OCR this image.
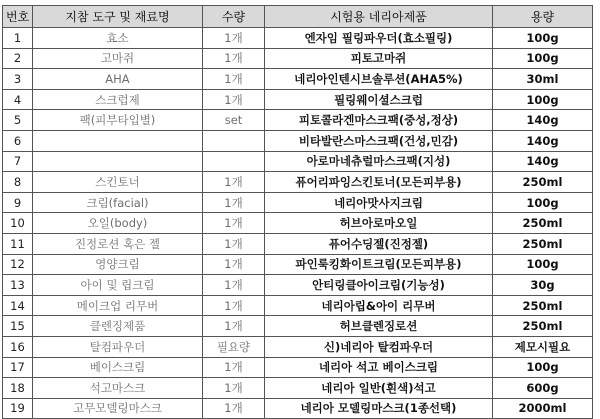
번호	지참 도구 및 재료명	수량	시험용 네리아제품	용량
1	효소	1개	엔자임 필링파우더(효소필링)	100g
2	고마쥐	1개	피토고마쥐	100g
3	AHA	1개	네리아인텐시브솔루션(AHA5%)	30ml
4	스크럽제	1개	필링웨이셜스크럽	100g
5	팩(피부타입별)	set	피토콜라겐마스크팩(중성,정상)	140g
6			비타발란스마스크팩(건성,민감)	140g
7			아로마네츄럴마스크팩(지성)	140g
8	스킨토너	1개	퓨어리파잉스킨토너(모든피부용)	250ml
9	크림(facial)	1개	네리아맛사지크림	100g
10	오일(body)	1개	허브아로마오일	250ml
11	진정로션 혹은 젤	1개	퓨어수딩젤(진정젤)	250ml
12	영양크림	1개	파인룩킹화이트크림(모든피부용)	100g
13	아이 및 립크림	1개	안티링클아이크림(기능성)	30g
14	메이크업 리무버	1개	네리아립&아이 리무버	250ml
15	클렌징제품	1개	허브클렌징로션	250ml
16	탈컴파우더	필요량	신)네리아 탈컴파우더	제모시필요
17	베이스크림	1개	네리아 석고 베이스크림	100g
18	석고마스크	1개	네리아 일반(흰색)석고	600g
19	고무모델링마스크	1개	네리아 모델링마스크(1종선택)	2000ml
